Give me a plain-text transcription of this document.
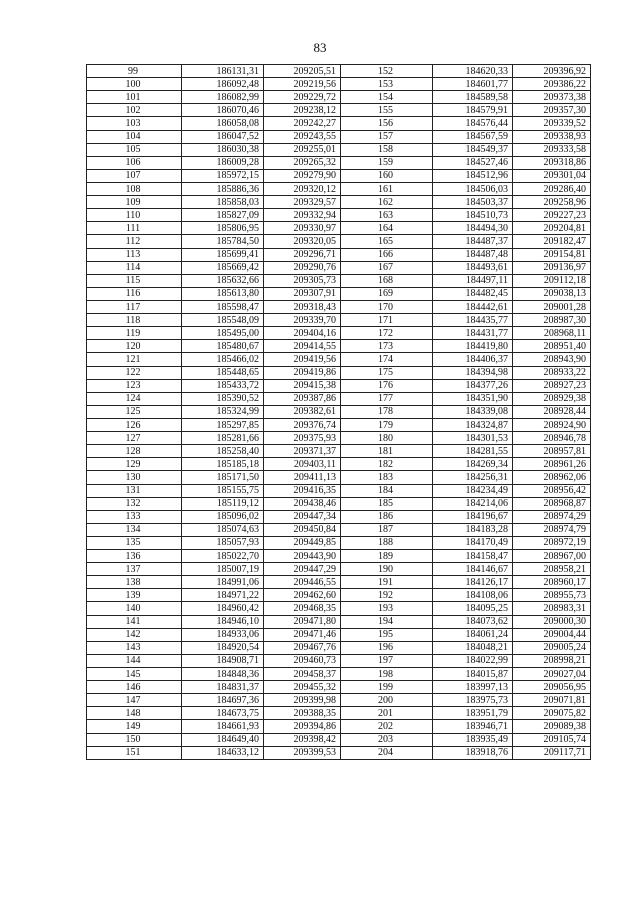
83
99	186131,31	209205,51	152	184620,33	209396,92
100	186092,48	209219,56	153	184601,77	209386,22
101	186082,99	209229,72	154	184589,58	209373,38
102	186070,46	209238,12	155	184579,91	209357,30
103	186058,08	209242,27	156	184576,44	209339,52
104	186047,52	209243,55	157	184567,59	209338,93
105	186030,38	209255,01	158	184549,37	209333,58
106	186009,28	209265,32	159	184527,46	209318,86
107	185972,15	209279,90	160	184512,96	209301,04
108	185886,36	209320,12	161	184506,03	209286,40
109	185858,03	209329,57	162	184503,37	209258,96
110	185827,09	209332,94	163	184510,73	209227,23
111	185806,95	209330,97	164	184494,30	209204,81
112	185784,50	209320,05	165	184487,37	209182,47
113	185699,41	209296,71	166	184487,48	209154,81
114	185669,42	209290,76	167	184493,61	209136,97
115	185632,66	209305,73	168	184497,11	209112,18
116	185613,80	209307,91	169	184482,45	209038,13
117	185598,47	209318,43	170	184442,61	209001,28
118	185548,09	209339,70	171	184435,77	208987,30
119	185495,00	209404,16	172	184431,77	208968,11
120	185480,67	209414,55	173	184419,80	208951,40
121	185466,02	209419,56	174	184406,37	208943,90
122	185448,65	209419,86	175	184394,98	208933,22
123	185433,72	209415,38	176	184377,26	208927,23
124	185390,52	209387,86	177	184351,90	208929,38
125	185324,99	209382,61	178	184339,08	208928,44
126	185297,85	209376,74	179	184324,87	208924,90
127	185281,66	209375,93	180	184301,53	208946,78
128	185258,40	209371,37	181	184281,55	208957,81
129	185185,18	209403,11	182	184269,34	208961,26
130	185171,50	209411,13	183	184256,31	208962,06
131	185155,75	209416,35	184	184234,49	208956,42
132	185119,12	209438,46	185	184214,06	208968,87
133	185096,02	209447,34	186	184196,67	208974,29
134	185074,63	209450,84	187	184183,28	208974,79
135	185057,93	209449,85	188	184170,49	208972,19
136	185022,70	209443,90	189	184158,47	208967,00
137	185007,19	209447,29	190	184146,67	208958,21
138	184991,06	209446,55	191	184126,17	208960,17
139	184971,22	209462,60	192	184108,06	208955,73
140	184960,42	209468,35	193	184095,25	208983,31
141	184946,10	209471,80	194	184073,62	209000,30
142	184933,06	209471,46	195	184061,24	209004,44
143	184920,54	209467,76	196	184048,21	209005,24
144	184908,71	209460,73	197	184022,99	208998,21
145	184848,36	209458,37	198	184015,87	209027,04
146	184831,37	209455,32	199	183997,13	209056,95
147	184697,36	209399,98	200	183975,73	209071,81
148	184673,75	209388,35	201	183951,79	209075,82
149	184661,93	209394,86	202	183946,71	209089,38
150	184649,40	209398,42	203	183935,49	209105,74
151	184633,12	209399,53	204	183918,76	209117,71
